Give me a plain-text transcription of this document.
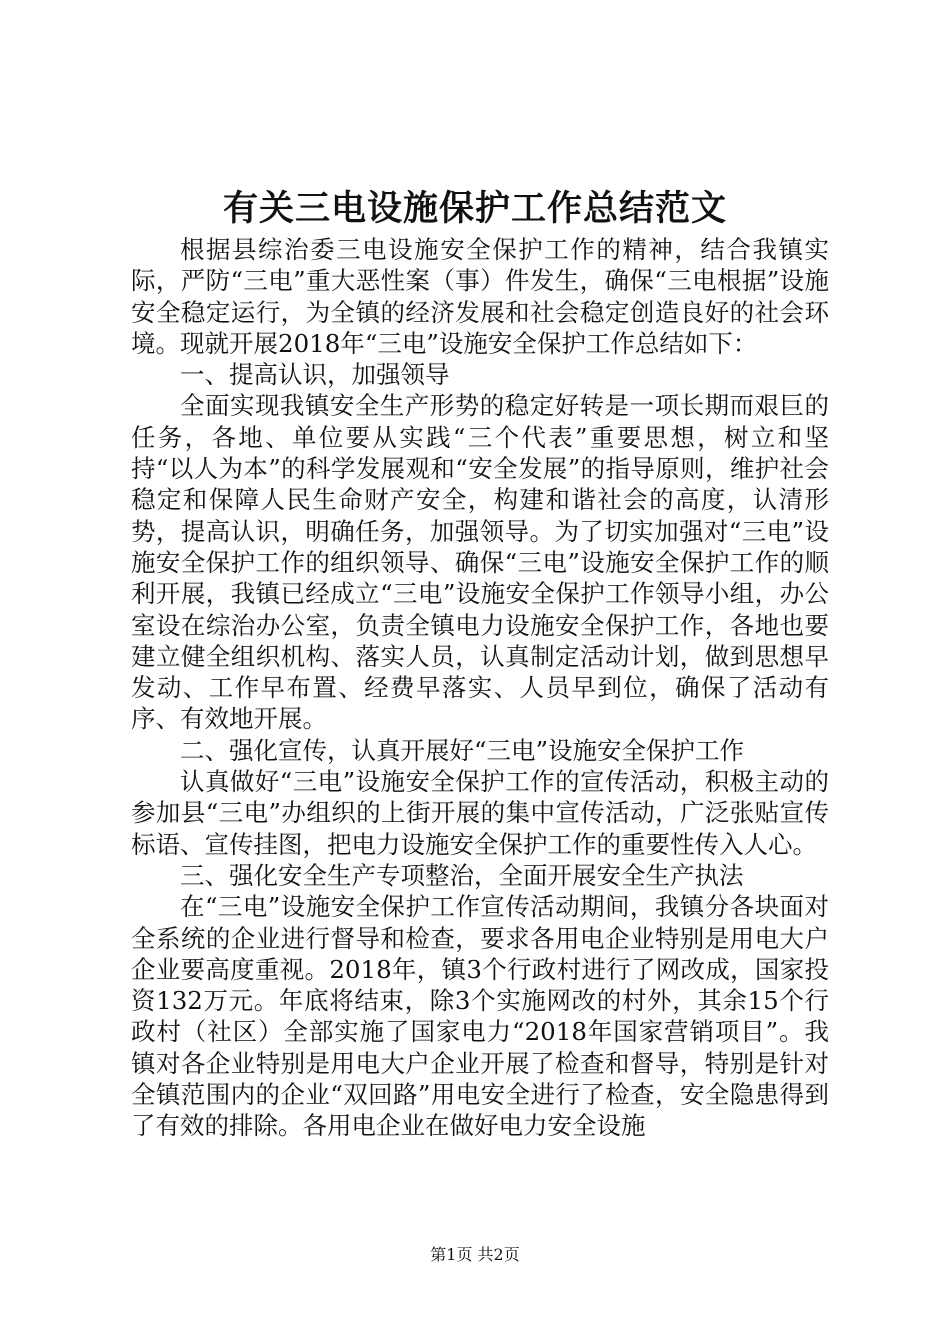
有关三电设施保护工作总结范文

根据县综治委三电设施安全保护工作的精神，结合我镇实际，严防“三电”重大恶性案（事）件发生，确保“三电根据”设施安全稳定运行，为全镇的经济发展和社会稳定创造良好的社会环境。现就开展2018年“三电”设施安全保护工作总结如下：

一、提高认识，加强领导

全面实现我镇安全生产形势的稳定好转是一项长期而艰巨的任务，各地、单位要从实践“三个代表”重要思想，树立和坚持“以人为本”的科学发展观和“安全发展”的指导原则，维护社会稳定和保障人民生命财产安全，构建和谐社会的高度，认清形势，提高认识，明确任务，加强领导。为了切实加强对“三电”设施安全保护工作的组织领导、确保“三电”设施安全保护工作的顺利开展，我镇已经成立“三电”设施安全保护工作领导小组，办公室设在综治办公室，负责全镇电力设施安全保护工作，各地也要建立健全组织机构、落实人员，认真制定活动计划，做到思想早发动、工作早布置、经费早落实、人员早到位，确保了活动有序、有效地开展。

二、强化宣传，认真开展好“三电”设施安全保护工作

认真做好“三电”设施安全保护工作的宣传活动，积极主动的参加县“三电”办组织的上街开展的集中宣传活动，广泛张贴宣传标语、宣传挂图，把电力设施安全保护工作的重要性传入人心。

三、强化安全生产专项整治，全面开展安全生产执法

在“三电”设施安全保护工作宣传活动期间，我镇分各块面对全系统的企业进行督导和检查，要求各用电企业特别是用电大户企业要高度重视。2018年，镇3个行政村进行了网改成，国家投资132万元。年底将结束，除3个实施网改的村外，其余15个行政村（社区）全部实施了国家电力“2018年国家营销项目”。我镇对各企业特别是用电大户企业开展了检查和督导，特别是针对全镇范围内的企业“双回路”用电安全进行了检查，安全隐患得到了有效的排除。各用电企业在做好电力安全设施

第1页 共2页
